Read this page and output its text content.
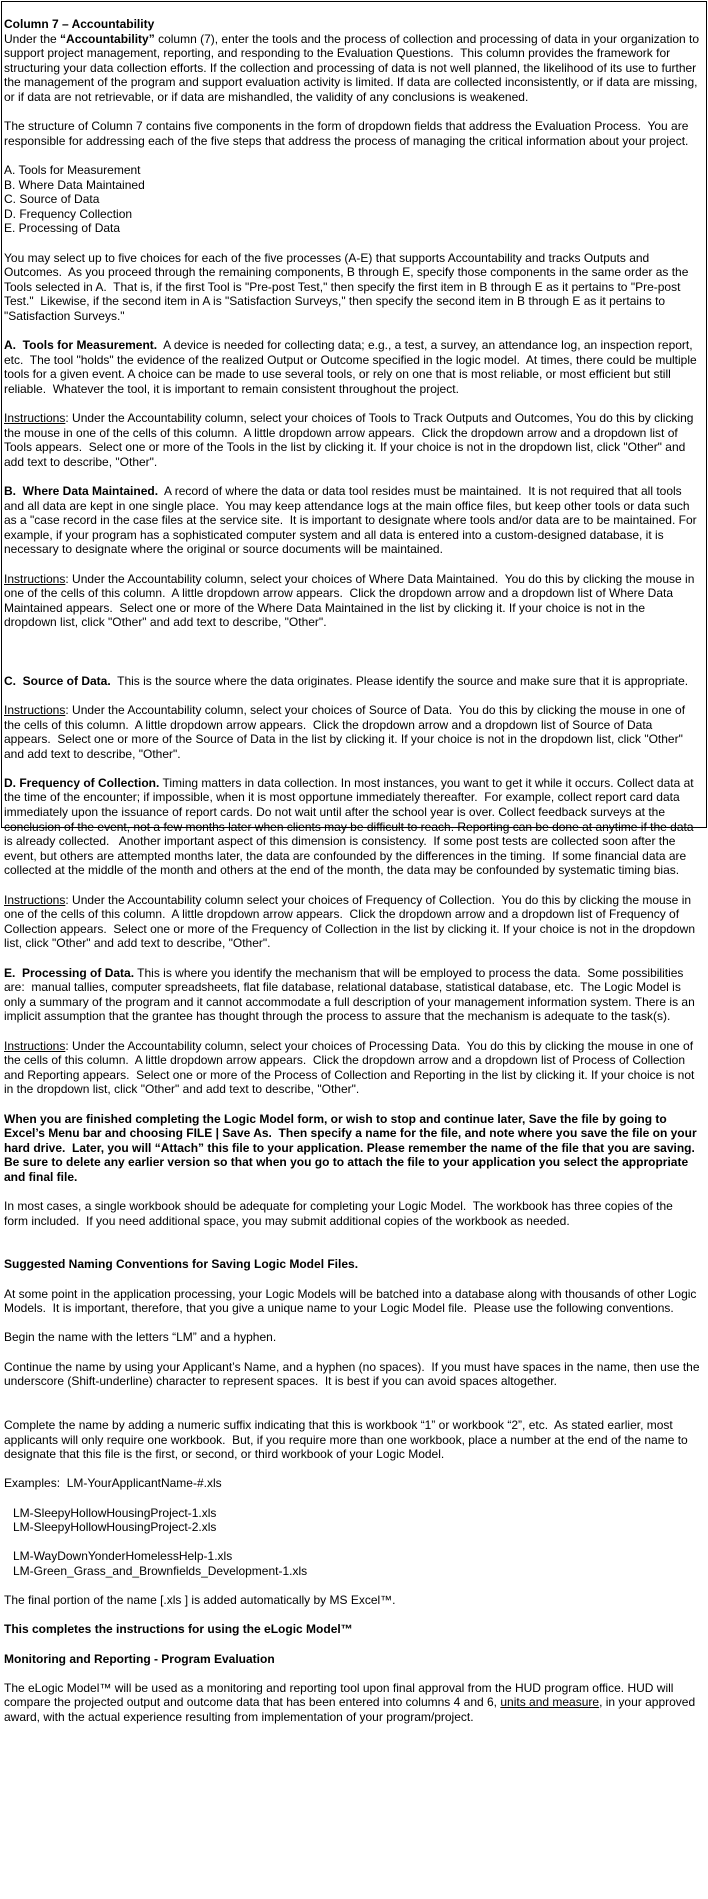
Column 7 – Accountability

Under the “Accountability” column (7), enter the tools and the process of collection and processing of data in your organization to support project management, reporting, and responding to the Evaluation Questions.  This column provides the framework for structuring your data collection efforts. If the collection and processing of data is not well planned, the likelihood of its use to further the management of the program and support evaluation activity is limited. If data are collected inconsistently, or if data are missing, or if data are not retrievable, or if data are mishandled, the validity of any conclusions is weakened.

The structure of Column 7 contains five components in the form of dropdown fields that address the Evaluation Process.  You are responsible for addressing each of the five steps that address the process of managing the critical information about your project.

A. Tools for Measurement

B. Where Data Maintained

C. Source of Data

D. Frequency Collection

E. Processing of Data

You may select up to five choices for each of the five processes (A-E) that supports Accountability and tracks Outputs and Outcomes.  As you proceed through the remaining components, B through E, specify those components in the same order as the Tools selected in A.  That is, if the first Tool is "Pre-post Test," then specify the first item in B through E as it pertains to "Pre-post Test."  Likewise, if the second item in A is "Satisfaction Surveys," then specify the second item in B through E as it pertains to "Satisfaction Surveys."

A.  Tools for Measurement.  A device is needed for collecting data; e.g., a test, a survey, an attendance log, an inspection report, etc.  The tool "holds" the evidence of the realized Output or Outcome specified in the logic model.  At times, there could be multiple tools for a given event. A choice can be made to use several tools, or rely on one that is most reliable, or most efficient but still reliable.  Whatever the tool, it is important to remain consistent throughout the project.

Instructions: Under the Accountability column, select your choices of Tools to Track Outputs and Outcomes, You do this by clicking the mouse in one of the cells of this column.  A little dropdown arrow appears.  Click the dropdown arrow and a dropdown list of Tools appears.  Select one or more of the Tools in the list by clicking it. If your choice is not in the dropdown list, click "Other" and add text to describe, "Other".

B.  Where Data Maintained.  A record of where the data or data tool resides must be maintained.  It is not required that all tools and all data are kept in one single place.  You may keep attendance logs at the main office files, but keep other tools or data such as a "case record in the case files at the service site.  It is important to designate where tools and/or data are to be maintained. For example, if your program has a sophisticated computer system and all data is entered into a custom-designed database, it is necessary to designate where the original or source documents will be maintained.

Instructions: Under the Accountability column, select your choices of Where Data Maintained.  You do this by clicking the mouse in one of the cells of this column.  A little dropdown arrow appears.  Click the dropdown arrow and a dropdown list of Where Data Maintained appears.  Select one or more of the Where Data Maintained in the list by clicking it. If your choice is not in the dropdown list, click "Other" and add text to describe, "Other".

C.  Source of Data.  This is the source where the data originates. Please identify the source and make sure that it is appropriate.

Instructions: Under the Accountability column, select your choices of Source of Data.  You do this by clicking the mouse in one of the cells of this column.  A little dropdown arrow appears.  Click the dropdown arrow and a dropdown list of Source of Data appears.  Select one or more of the Source of Data in the list by clicking it. If your choice is not in the dropdown list, click "Other" and add text to describe, "Other".

D. Frequency of Collection. Timing matters in data collection. In most instances, you want to get it while it occurs. Collect data at the time of the encounter; if impossible, when it is most opportune immediately thereafter.  For example, collect report card data immediately upon the issuance of report cards. Do not wait until after the school year is over. Collect feedback surveys at the conclusion of the event, not a few months later when clients may be difficult to reach. Reporting can be done at anytime if the data is already collected.   Another important aspect of this dimension is consistency.  If some post tests are collected soon after the event, but others are attempted months later, the data are confounded by the differences in the timing.  If some financial data are collected at the middle of the month and others at the end of the month, the data may be confounded by systematic timing bias.

Instructions: Under the Accountability column select your choices of Frequency of Collection.  You do this by clicking the mouse in one of the cells of this column.  A little dropdown arrow appears.  Click the dropdown arrow and a dropdown list of Frequency of Collection appears.  Select one or more of the Frequency of Collection in the list by clicking it. If your choice is not in the dropdown list, click "Other" and add text to describe, "Other".

E.  Processing of Data. This is where you identify the mechanism that will be employed to process the data.  Some possibilities are:  manual tallies, computer spreadsheets, flat file database, relational database, statistical database, etc.  The Logic Model is only a summary of the program and it cannot accommodate a full description of your management information system. There is an implicit assumption that the grantee has thought through the process to assure that the mechanism is adequate to the task(s).

Instructions: Under the Accountability column, select your choices of Processing Data.  You do this by clicking the mouse in one of the cells of this column.  A little dropdown arrow appears.  Click the dropdown arrow and a dropdown list of Process of Collection and Reporting appears.  Select one or more of the Process of Collection and Reporting in the list by clicking it. If your choice is not in the dropdown list, click "Other" and add text to describe, "Other".

When you are finished completing the Logic Model form, or wish to stop and continue later, Save the file by going to Excel’s Menu bar and choosing FILE | Save As.  Then specify a name for the file, and note where you save the file on your hard drive.  Later, you will “Attach” this file to your application. Please remember the name of the file that you are saving.  Be sure to delete any earlier version so that when you go to attach the file to your application you select the appropriate and final file.

In most cases, a single workbook should be adequate for completing your Logic Model.  The workbook has three copies of the form included.  If you need additional space, you may submit additional copies of the workbook as needed.

Suggested Naming Conventions for Saving Logic Model Files.

At some point in the application processing, your Logic Models will be batched into a database along with thousands of other Logic Models.  It is important, therefore, that you give a unique name to your Logic Model file.  Please use the following conventions.

Begin the name with the letters “LM” and a hyphen.

Continue the name by using your Applicant’s Name, and a hyphen (no spaces).  If you must have spaces in the name, then use the underscore (Shift-underline) character to represent spaces.  It is best if you can avoid spaces altogether.

Complete the name by adding a numeric suffix indicating that this is workbook “1” or workbook “2”, etc.  As stated earlier, most applicants will only require one workbook.  But, if you require more than one workbook, place a number at the end of the name to designate that this file is the first, or second, or third workbook of your Logic Model.

Examples:  LM-YourApplicantName-#.xls

LM-SleepyHollowHousingProject-1.xls

LM-SleepyHollowHousingProject-2.xls

LM-WayDownYonderHomelessHelp-1.xls

LM-Green_Grass_and_Brownfields_Development-1.xls

The final portion of the name [.xls ] is added automatically by MS Excel™.

This completes the instructions for using the eLogic Model™

Monitoring and Reporting - Program Evaluation

The eLogic Model™ will be used as a monitoring and reporting tool upon final approval from the HUD program office. HUD will compare the projected output and outcome data that has been entered into columns 4 and 6, units and measure, in your approved award, with the actual experience resulting from implementation of your program/project.
